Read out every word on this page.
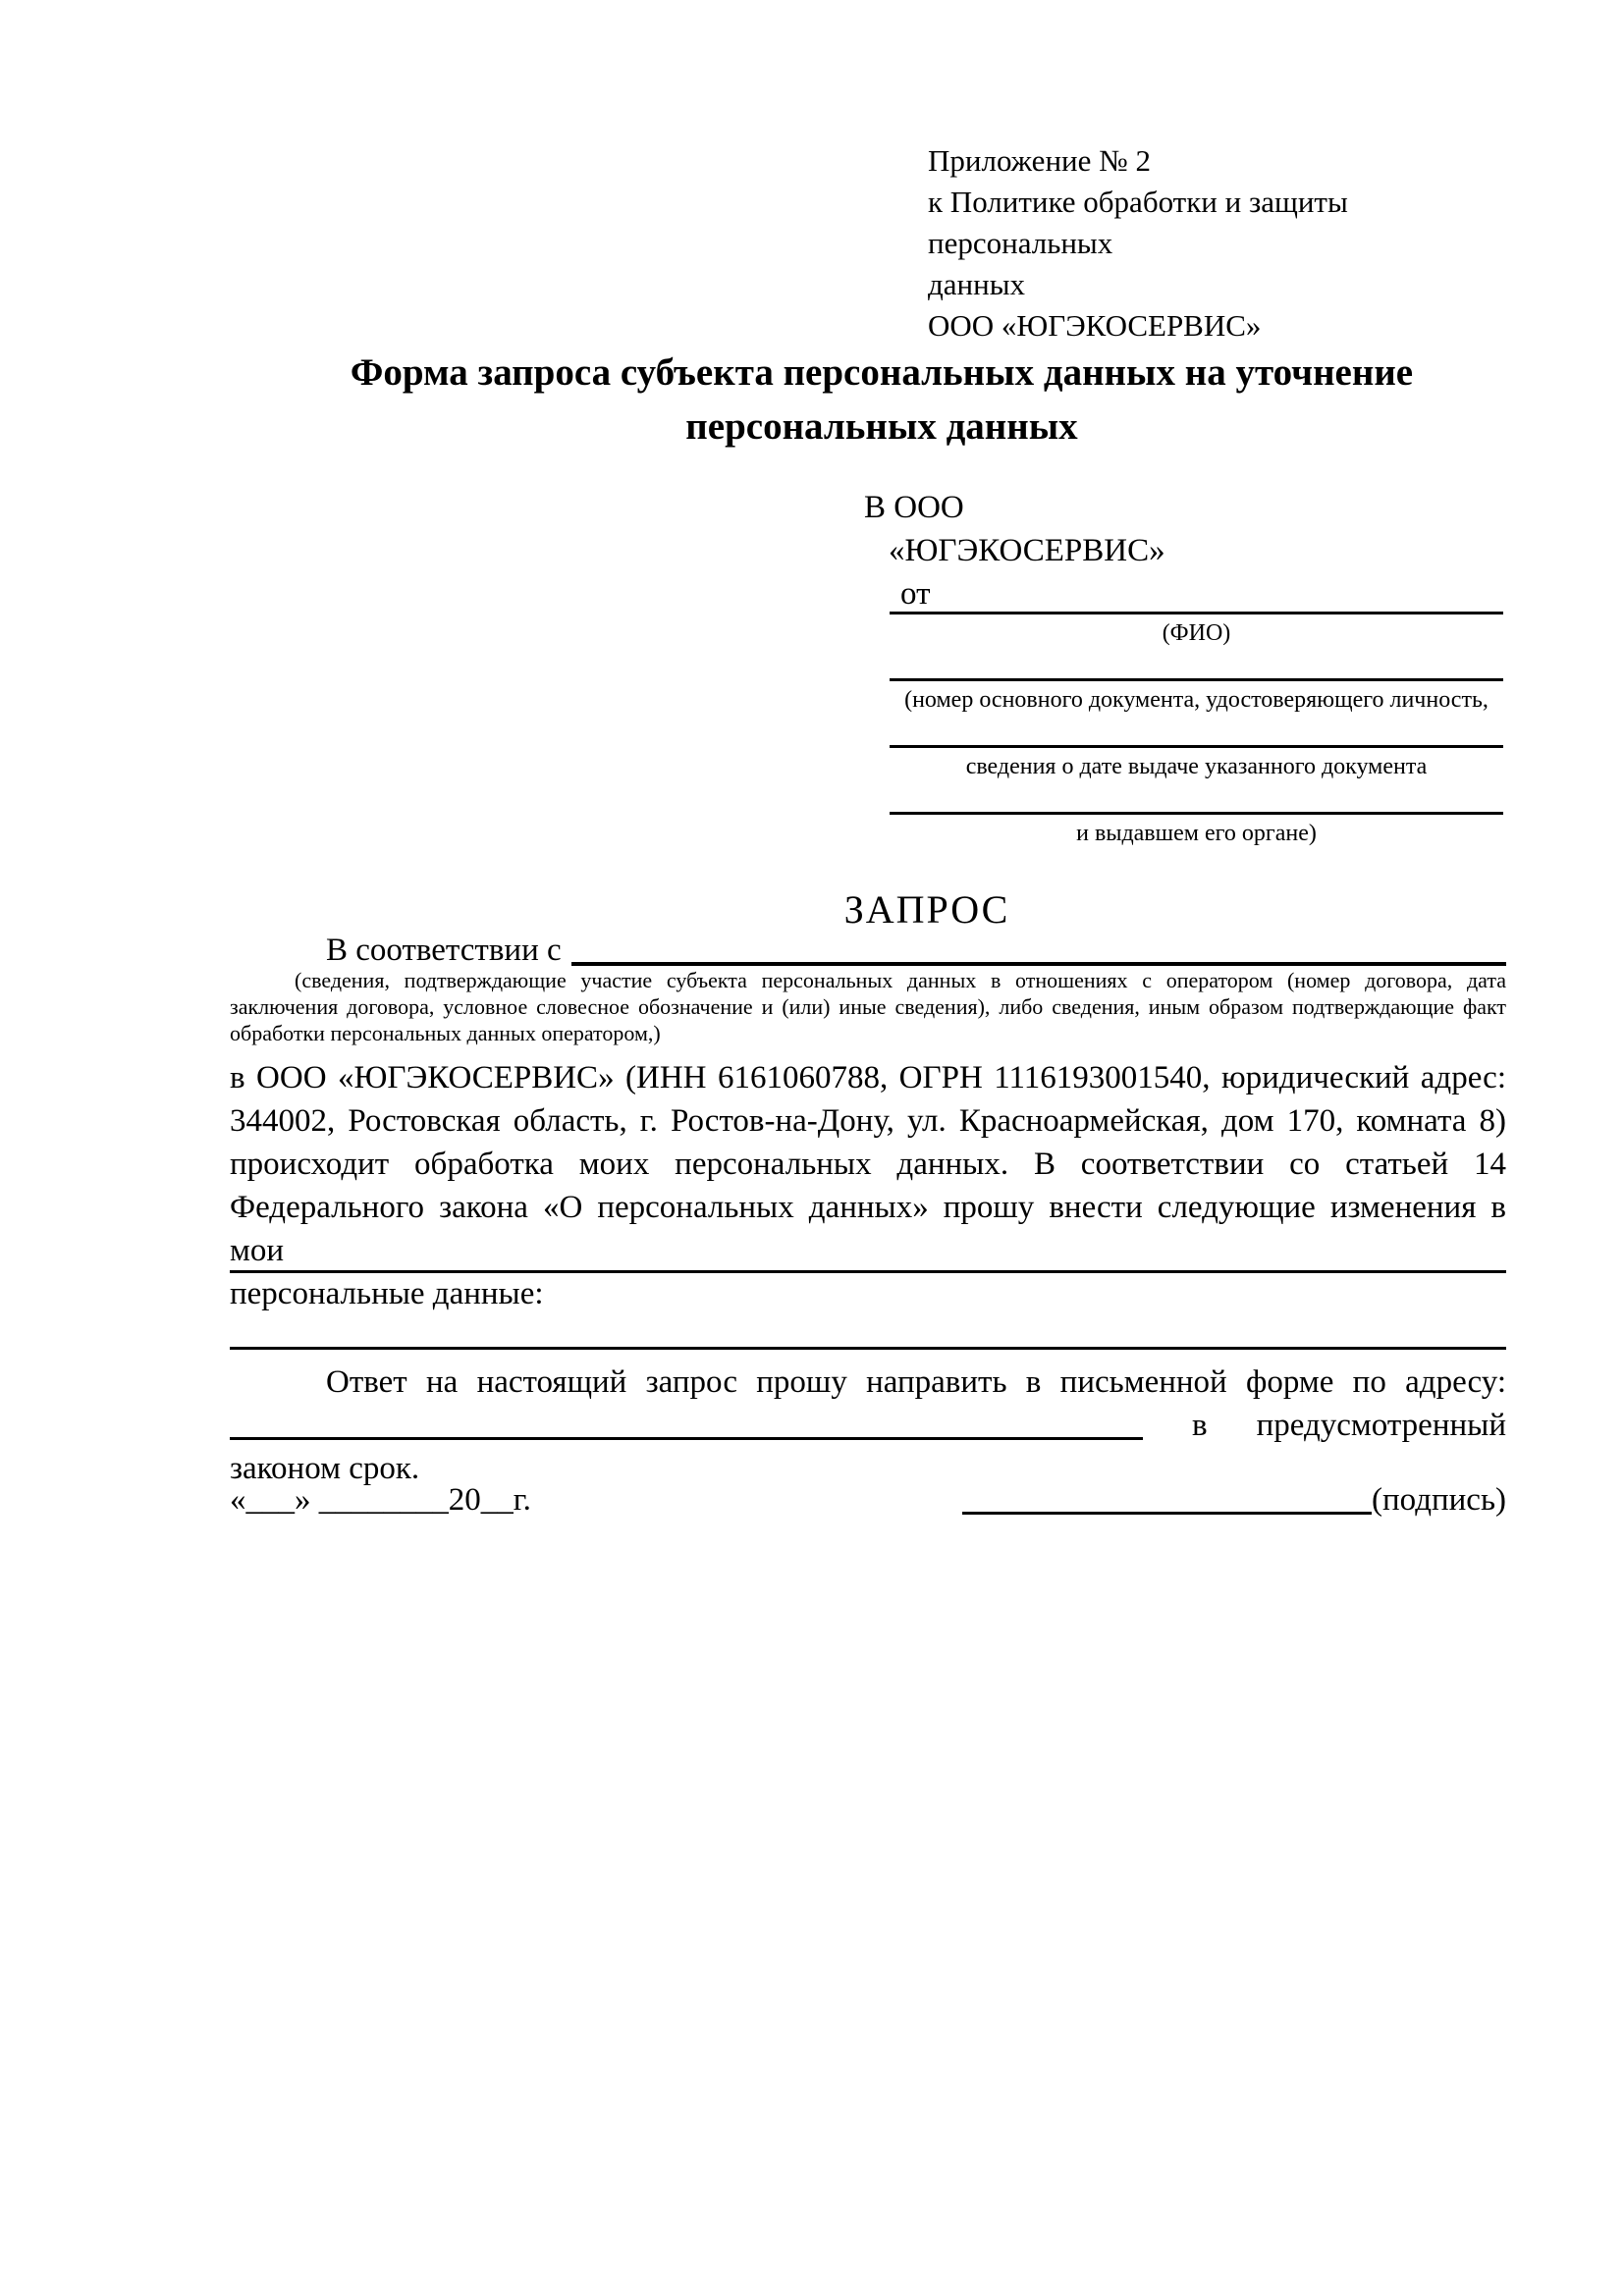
Приложение № 2
к Политике обработки и защиты персональных
данных
ООО «ЮГЭКОСЕРВИС»
Форма запроса субъекта персональных данных на уточнение
персональных данных
В ООО
«ЮГЭКОСЕРВИС»
от
(ФИО)
(номер основного документа, удостоверяющего личность,
сведения о дате выдаче указанного документа
и выдавшем его органе)
ЗАПРОС
В соответствии с
(сведения, подтверждающие участие субъекта персональных данных в отношениях с оператором (номер договора, дата
заключения договора, условное словесное обозначение и (или) иные сведения), либо сведения, иным образом подтверждающие факт
обработки персональных данных оператором,)
в ООО «ЮГЭКОСЕРВИС» (ИНН 6161060788, ОГРН 1116193001540, юридический адрес:
344002, Ростовская область, г. Ростов-на-Дону, ул. Красноармейская, дом 170, комната 8)
происходит обработка моих персональных данных. В соответствии со статьей 14
Федерального закона «О персональных данных» прошу внести следующие изменения в мои
персональные данные:
Ответ на настоящий запрос прошу направить в письменной форме по адресу:
в предусмотренный
законом срок.
«___» ________20__г.	(подпись)
